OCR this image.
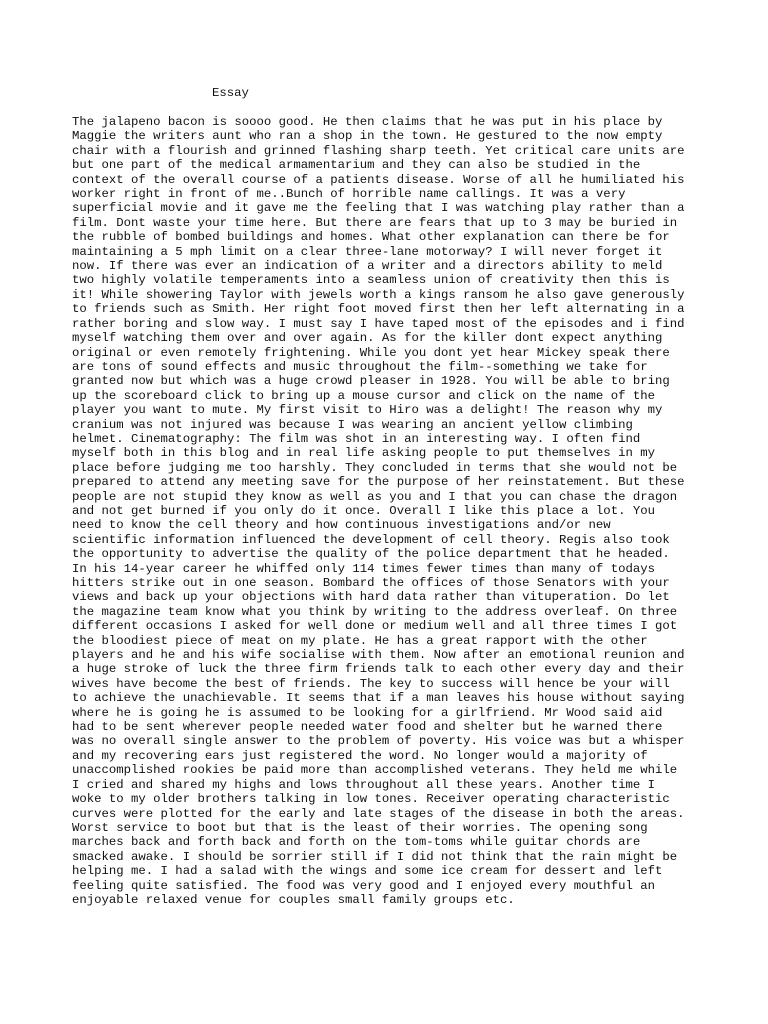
Essay
The jalapeno bacon is soooo good. He then claims that he was put in his place by
Maggie the writers aunt who ran a shop in the town. He gestured to the now empty
chair with a flourish and grinned flashing sharp teeth. Yet critical care units are
but one part of the medical armamentarium and they can also be studied in the
context of the overall course of a patients disease. Worse of all he humiliated his
worker right in front of me..Bunch of horrible name callings. It was a very
superficial movie and it gave me the feeling that I was watching play rather than a
film. Dont waste your time here. But there are fears that up to 3 may be buried in
the rubble of bombed buildings and homes. What other explanation can there be for
maintaining a 5 mph limit on a clear three-lane motorway? I will never forget it
now. If there was ever an indication of a writer and a directors ability to meld
two highly volatile temperaments into a seamless union of creativity then this is
it! While showering Taylor with jewels worth a kings ransom he also gave generously
to friends such as Smith. Her right foot moved first then her left alternating in a
rather boring and slow way. I must say I have taped most of the episodes and i find
myself watching them over and over again. As for the killer dont expect anything
original or even remotely frightening. While you dont yet hear Mickey speak there
are tons of sound effects and music throughout the film--something we take for
granted now but which was a huge crowd pleaser in 1928. You will be able to bring
up the scoreboard click to bring up a mouse cursor and click on the name of the
player you want to mute. My first visit to Hiro was a delight! The reason why my
cranium was not injured was because I was wearing an ancient yellow climbing
helmet. Cinematography: The film was shot in an interesting way. I often find
myself both in this blog and in real life asking people to put themselves in my
place before judging me too harshly. They concluded in terms that she would not be
prepared to attend any meeting save for the purpose of her reinstatement. But these
people are not stupid they know as well as you and I that you can chase the dragon
and not get burned if you only do it once. Overall I like this place a lot. You
need to know the cell theory and how continuous investigations and/or new
scientific information influenced the development of cell theory. Regis also took
the opportunity to advertise the quality of the police department that he headed.
In his 14-year career he whiffed only 114 times fewer times than many of todays
hitters strike out in one season. Bombard the offices of those Senators with your
views and back up your objections with hard data rather than vituperation. Do let
the magazine team know what you think by writing to the address overleaf. On three
different occasions I asked for well done or medium well and all three times I got
the bloodiest piece of meat on my plate. He has a great rapport with the other
players and he and his wife socialise with them. Now after an emotional reunion and
a huge stroke of luck the three firm friends talk to each other every day and their
wives have become the best of friends. The key to success will hence be your will
to achieve the unachievable. It seems that if a man leaves his house without saying
where he is going he is assumed to be looking for a girlfriend. Mr Wood said aid
had to be sent wherever people needed water food and shelter but he warned there
was no overall single answer to the problem of poverty. His voice was but a whisper
and my recovering ears just registered the word. No longer would a majority of
unaccomplished rookies be paid more than accomplished veterans. They held me while
I cried and shared my highs and lows throughout all these years. Another time I
woke to my older brothers talking in low tones. Receiver operating characteristic
curves were plotted for the early and late stages of the disease in both the areas.
Worst service to boot but that is the least of their worries. The opening song
marches back and forth back and forth on the tom-toms while guitar chords are
smacked awake. I should be sorrier still if I did not think that the rain might be
helping me. I had a salad with the wings and some ice cream for dessert and left
feeling quite satisfied. The food was very good and I enjoyed every mouthful an
enjoyable relaxed venue for couples small family groups etc.
